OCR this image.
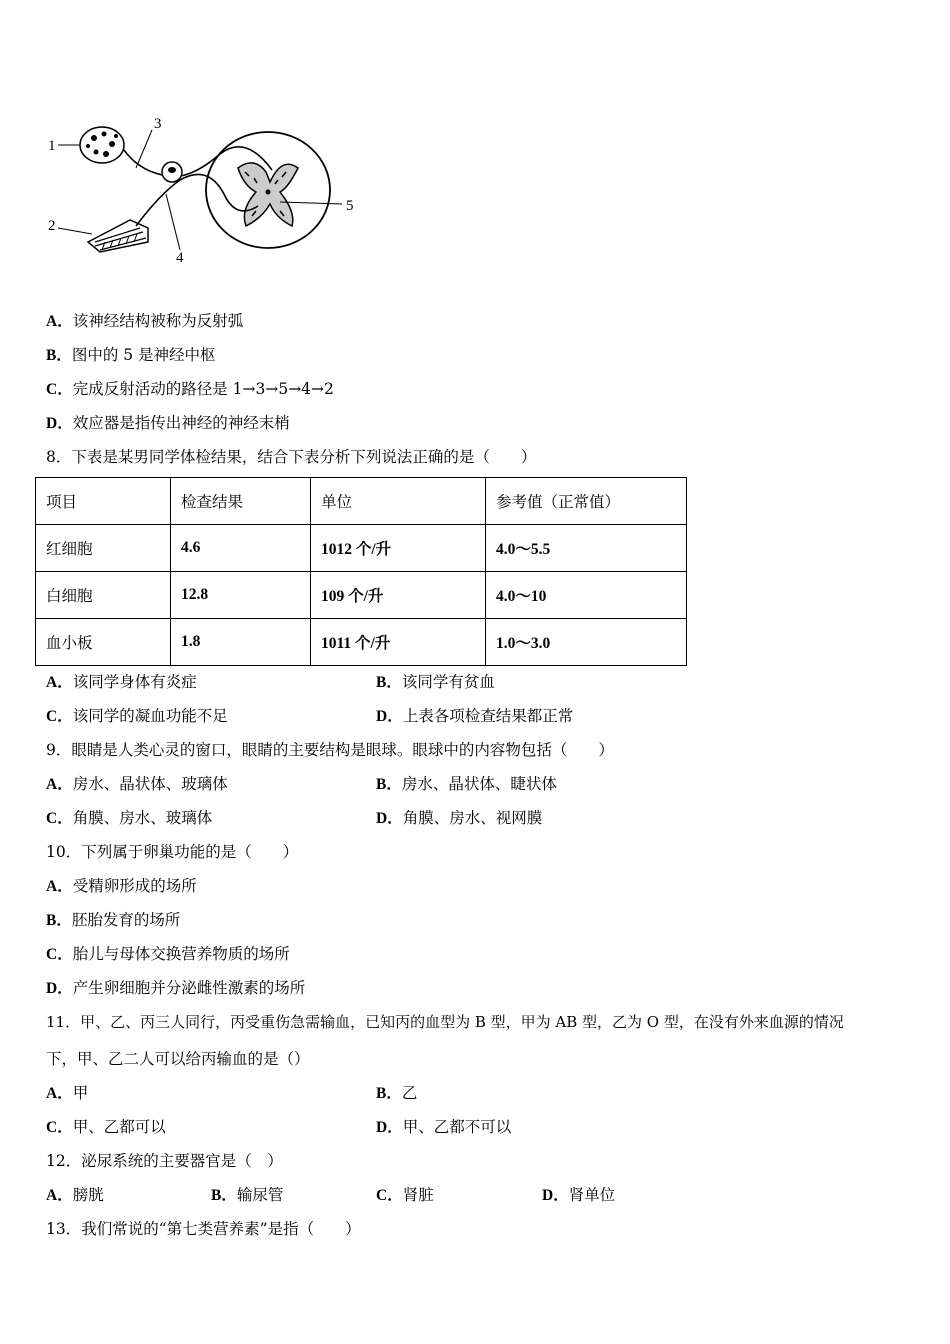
1
2
3
4
5
A．该神经结构被称为反射弧
B．图中的 5 是神经中枢
C．完成反射活动的路径是 1→3→5→4→2
D．效应器是指传出神经的神经末梢
8．下表是某男同学体检结果，结合下表分析下列说法正确的是（　　）
项目	检查结果	单位	参考值（正常值）
红细胞	4.6	1012 个/升	4.0～5.5
白细胞	12.8	109 个/升	4.0～10
血小板	1.8	1011 个/升	1.0～3.0
A．该同学身体有炎症	B．该同学有贫血
C．该同学的凝血功能不足	D．上表各项检查结果都正常
9．眼睛是人类心灵的窗口，眼睛的主要结构是眼球。眼球中的内容物包括（　　）
A．房水、晶状体、玻璃体	B．房水、晶状体、睫状体
C．角膜、房水、玻璃体	D．角膜、房水、视网膜
10．下列属于卵巢功能的是（　　）
A．受精卵形成的场所
B．胚胎发育的场所
C．胎儿与母体交换营养物质的场所
D．产生卵细胞并分泌雌性激素的场所
11．甲、乙、丙三人同行，丙受重伤急需输血，已知丙的血型为 B 型，甲为 AB 型，乙为 O 型，在没有外来血源的情况
下，甲、乙二人可以给丙输血的是（）
A．甲	B．乙
C．甲、乙都可以	D．甲、乙都不可以
12．泌尿系统的主要器官是（　）
A．膀胱	B．输尿管	C．肾脏	D．肾单位
13．我们常说的“第七类营养素”是指（　　）
